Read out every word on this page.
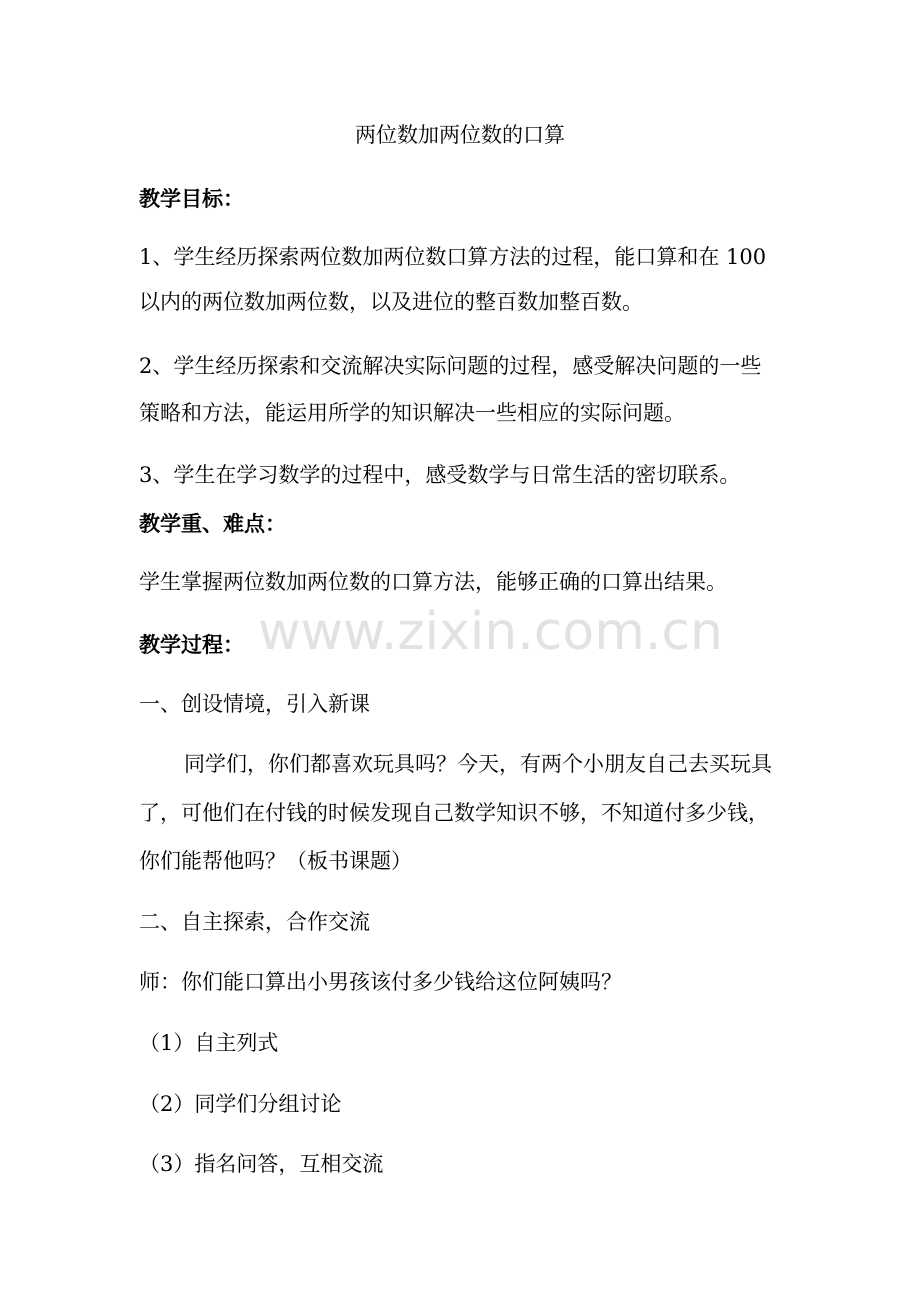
两位数加两位数的口算
教学目标：
1、学生经历探索两位数加两位数口算方法的过程，能口算和在 100
以内的两位数加两位数，以及进位的整百数加整百数。
2、学生经历探索和交流解决实际问题的过程，感受解决问题的一些
策略和方法，能运用所学的知识解决一些相应的实际问题。
3、学生在学习数学的过程中，感受数学与日常生活的密切联系。
教学重、难点：
学生掌握两位数加两位数的口算方法，能够正确的口算出结果。
教学过程：
一、创设情境，引入新课
同学们，你们都喜欢玩具吗？今天，有两个小朋友自己去买玩具
了，可他们在付钱的时候发现自己数学知识不够，不知道付多少钱，
你们能帮他吗？（板书课题）
二、自主探索，合作交流
师：你们能口算出小男孩该付多少钱给这位阿姨吗？
（1）自主列式
（2）同学们分组讨论
（3）指名问答，互相交流
www.zixin.com.cn
